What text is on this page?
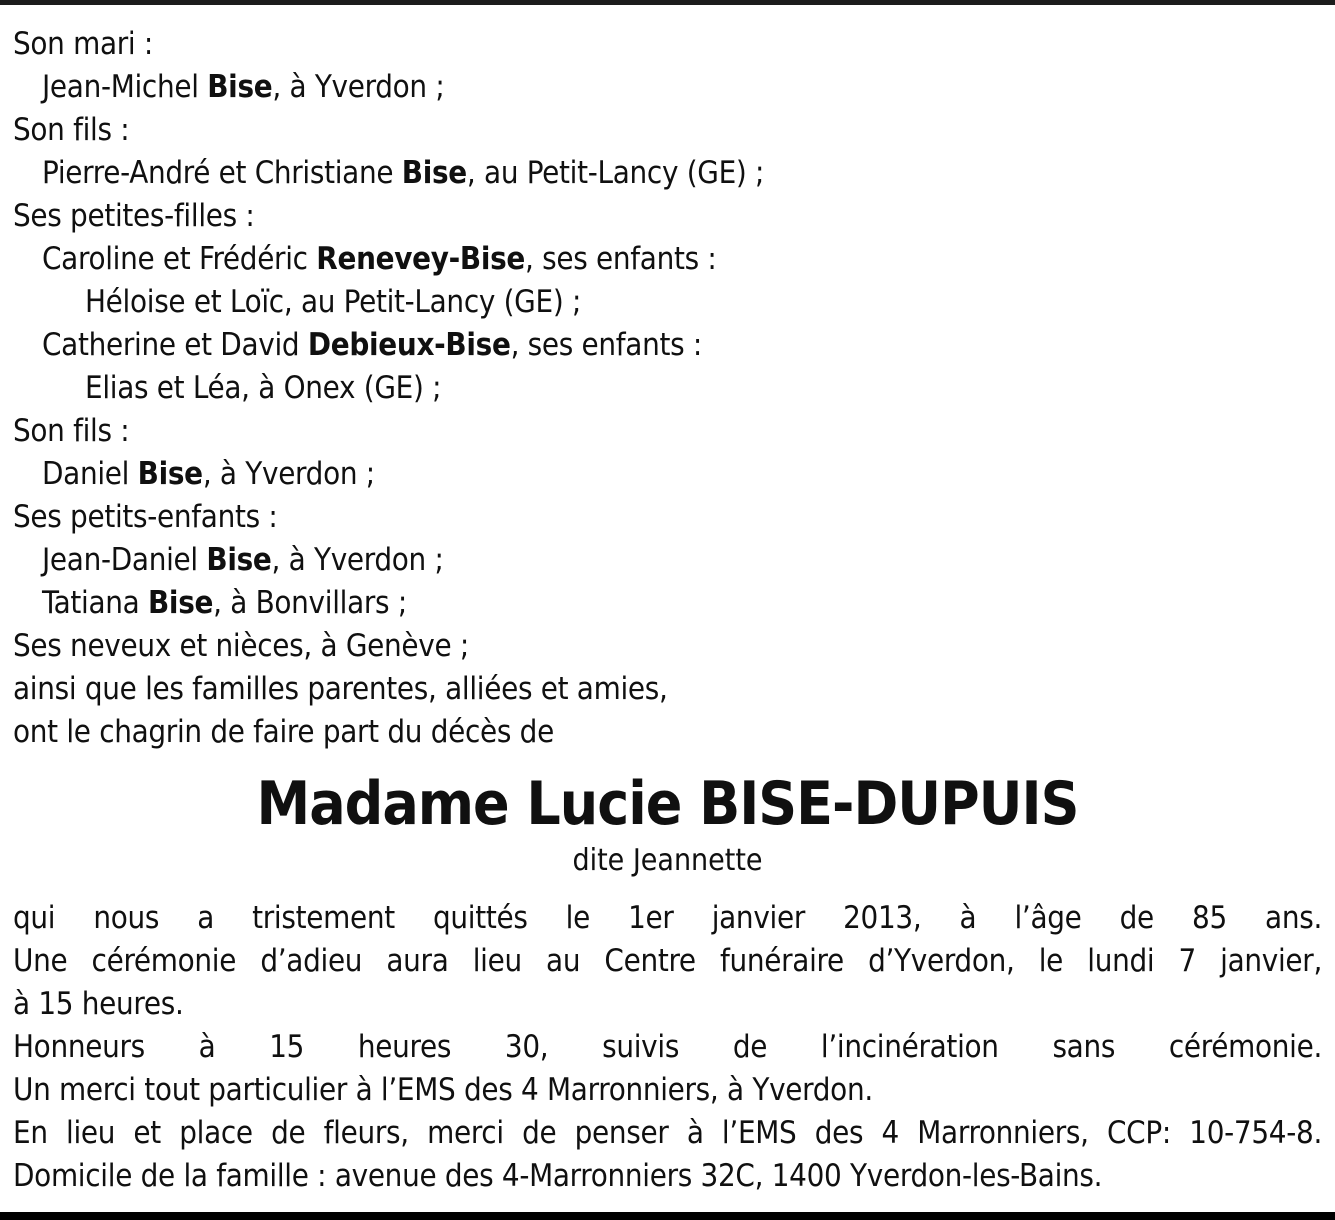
Son mari :
Jean-Michel Bise, à Yverdon ;
Son fils :
Pierre-André et Christiane Bise, au Petit-Lancy (GE) ;
Ses petites-filles :
Caroline et Frédéric Renevey-Bise, ses enfants :
Héloise et Loïc, au Petit-Lancy (GE) ;
Catherine et David Debieux-Bise, ses enfants :
Elias et Léa, à Onex (GE) ;
Son fils :
Daniel Bise, à Yverdon ;
Ses petits-enfants :
Jean-Daniel Bise, à Yverdon ;
Tatiana Bise, à Bonvillars ;
Ses neveux et nièces, à Genève ;
ainsi que les familles parentes, alliées et amies,
ont le chagrin de faire part du décès de
Madame Lucie BISE-DUPUIS
dite Jeannette
qui nous a tristement quittés le 1er janvier 2013, à l’âge de 85 ans.
Une cérémonie d’adieu aura lieu au Centre funéraire d’Yverdon, le lundi 7 janvier,
à 15 heures.
Honneurs à 15 heures 30, suivis de l’incinération sans cérémonie.
Un merci tout particulier à l’EMS des 4 Marronniers, à Yverdon.
En lieu et place de fleurs, merci de penser à l’EMS des 4 Marronniers, CCP: 10-754-8.
Domicile de la famille : avenue des 4-Marronniers 32C, 1400 Yverdon-les-Bains.
